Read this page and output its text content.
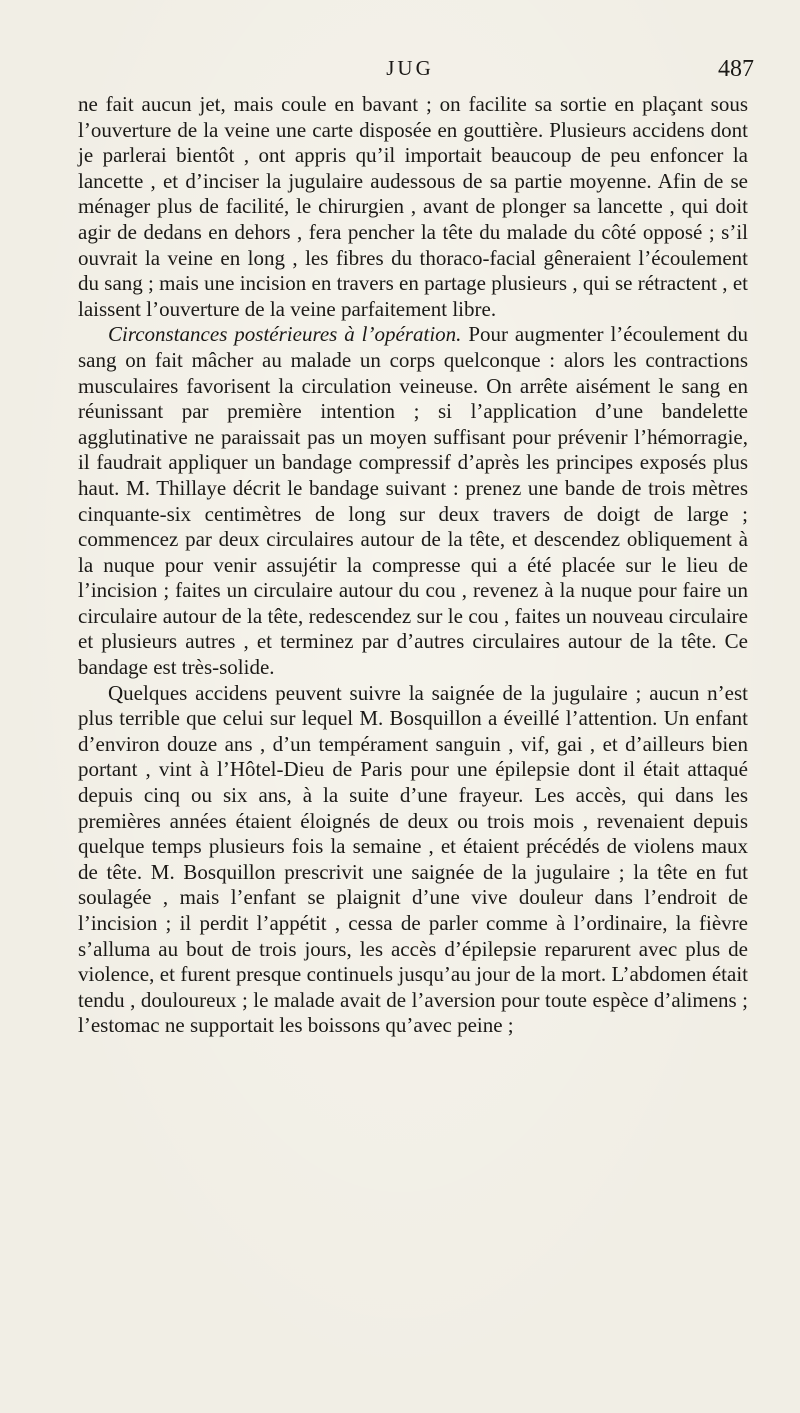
JUG	487

ne fait aucun jet, mais coule en bavant ; on facilite sa sortie en plaçant sous l’ouverture de la veine une carte disposée en gouttière. Plusieurs accidens dont je parlerai bientôt , ont appris qu’il importait beaucoup de peu enfoncer la lancette , et d’inciser la jugulaire audessous de sa partie moyenne. Afin de se ménager plus de facilité, le chirurgien , avant de plonger sa lancette , qui doit agir de dedans en dehors , fera pencher la tête du malade du côté opposé ; s’il ouvrait la veine en long , les fibres du thoraco-facial gêneraient l’écoulement du sang ; mais une incision en travers en partage plusieurs , qui se rétractent , et laissent l’ouverture de la veine parfaitement libre.

Circonstances postérieures à l’opération. Pour augmenter l’écoulement du sang on fait mâcher au malade un corps quelconque : alors les contractions musculaires favorisent la circulation veineuse. On arrête aisément le sang en réunissant par première intention ; si l’application d’une bandelette agglutinative ne paraissait pas un moyen suffisant pour prévenir l’hémorragie, il faudrait appliquer un bandage compressif d’après les principes exposés plus haut. M. Thillaye décrit le bandage suivant : prenez une bande de trois mètres cinquante-six centimètres de long sur deux travers de doigt de large ; commencez par deux circulaires autour de la tête, et descendez obliquement à la nuque pour venir assujétir la compresse qui a été placée sur le lieu de l’incision ; faites un circulaire autour du cou , revenez à la nuque pour faire un circulaire autour de la tête, redescendez sur le cou , faites un nouveau circulaire et plusieurs autres , et terminez par d’autres circulaires autour de la tête. Ce bandage est très-solide.

Quelques accidens peuvent suivre la saignée de la jugulaire ; aucun n’est plus terrible que celui sur lequel M. Bosquillon a éveillé l’attention. Un enfant d’environ douze ans , d’un tempérament sanguin , vif, gai , et d’ailleurs bien portant , vint à l’Hôtel-Dieu de Paris pour une épilepsie dont il était attaqué depuis cinq ou six ans, à la suite d’une frayeur. Les accès, qui dans les premières années étaient éloignés de deux ou trois mois , revenaient depuis quelque temps plusieurs fois la semaine , et étaient précédés de violens maux de tête. M. Bosquillon prescrivit une saignée de la jugulaire ; la tête en fut soulagée , mais l’enfant se plaignit d’une vive douleur dans l’endroit de l’incision ; il perdit l’appétit , cessa de parler comme à l’ordinaire, la fièvre s’alluma au bout de trois jours, les accès d’épilepsie reparurent avec plus de violence, et furent presque continuels jusqu’au jour de la mort. L’abdomen était tendu , douloureux ; le malade avait de l’aversion pour toute espèce d’alimens ; l’estomac ne supportait les boissons qu’avec peine ;
